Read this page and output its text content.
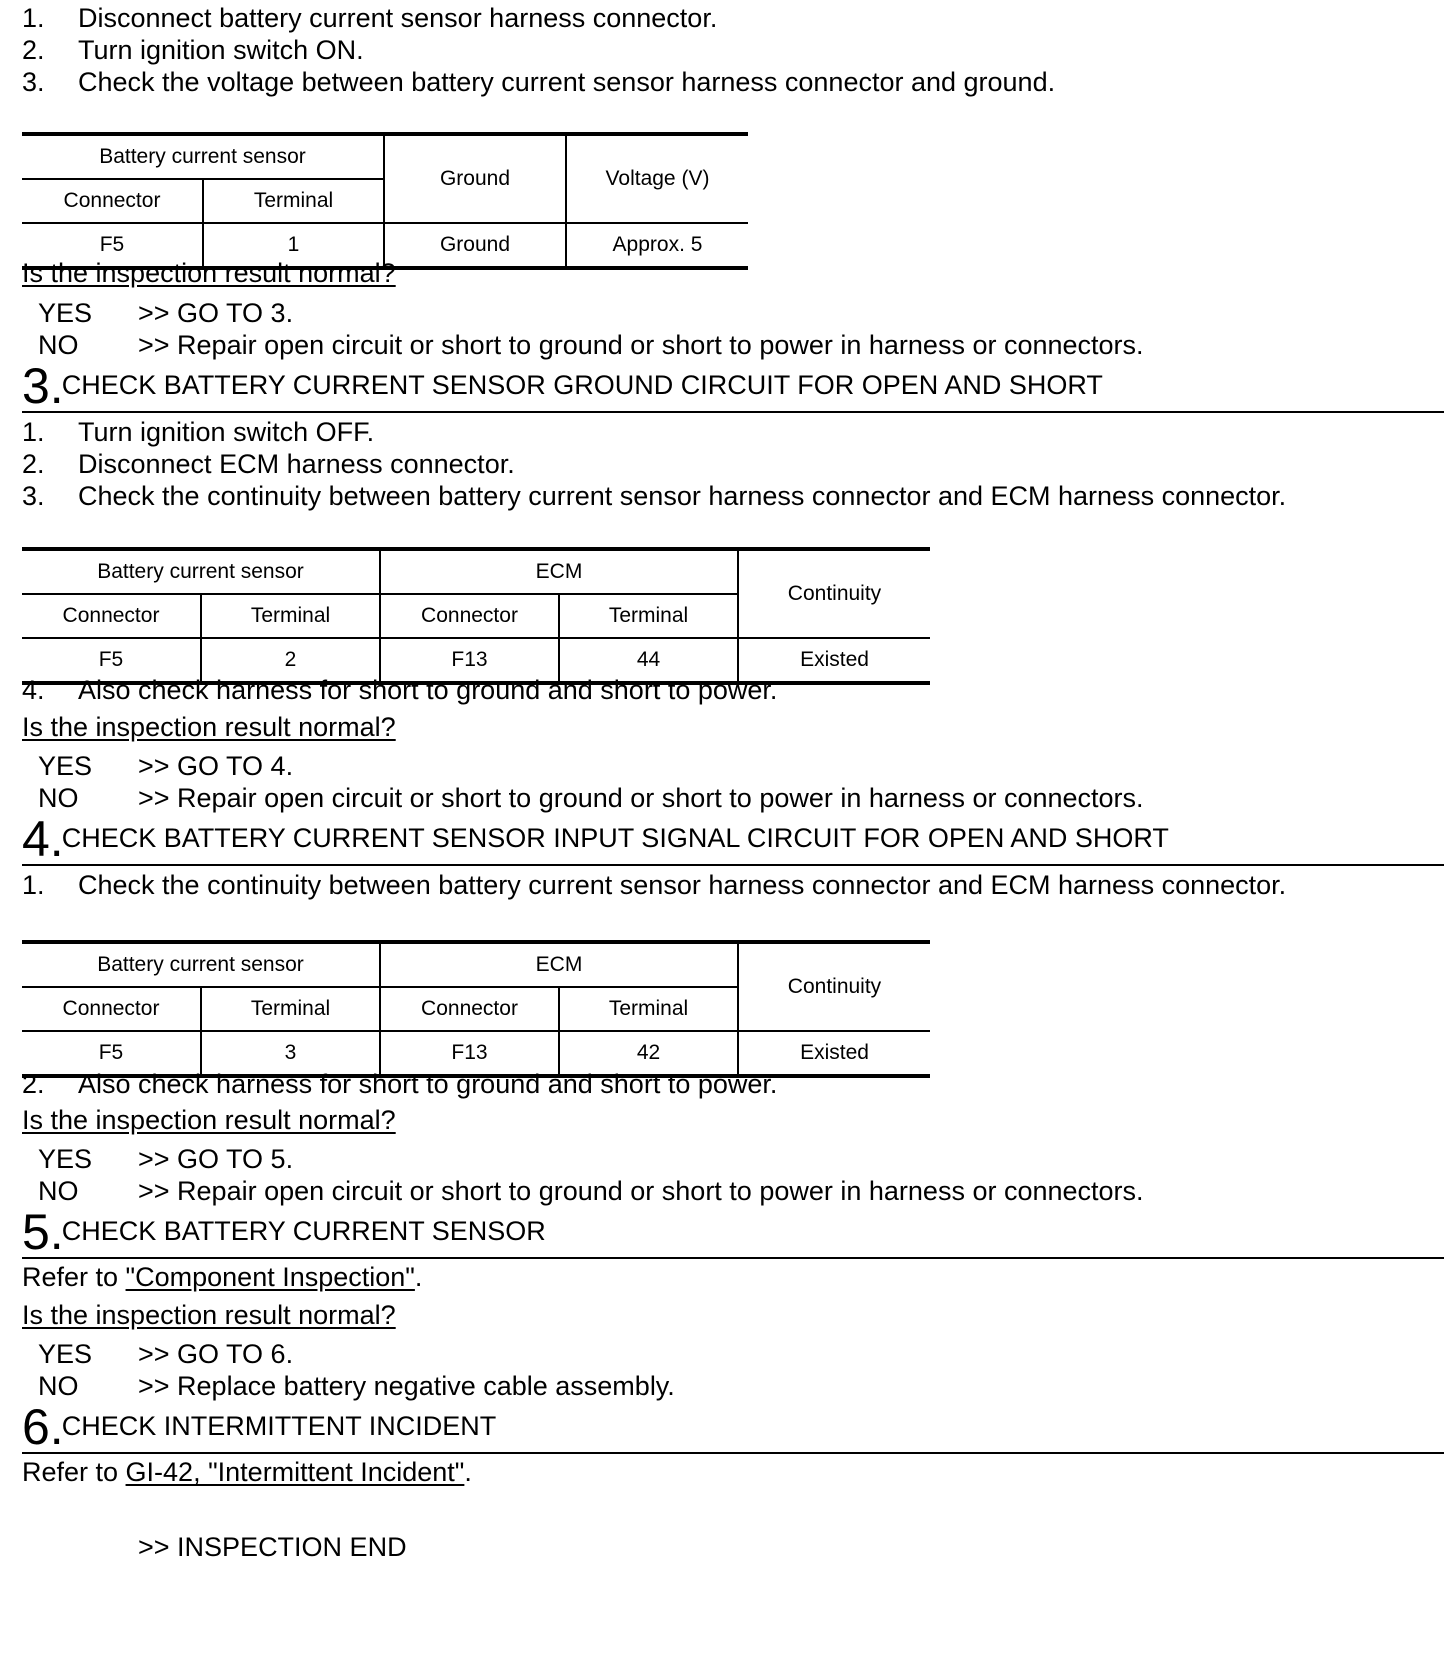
1.	Disconnect battery current sensor harness connector.
2.	Turn ignition switch ON.
3.	Check the voltage between battery current sensor harness connector and ground.
Battery current sensor		Ground	Voltage (V)
Connector	Terminal		
F5	1	Ground	Approx. 5
Is the inspection result normal?
YES	>> GO TO 3.
NO	>> Repair open circuit or short to ground or short to power in harness or connectors.
3.
CHECK BATTERY CURRENT SENSOR GROUND CIRCUIT FOR OPEN AND SHORT
1.	Turn ignition switch OFF.
2.	Disconnect ECM harness connector.
3.	Check the continuity between battery current sensor harness connector and ECM harness connector.
Battery current sensor		ECM		Continuity
Connector	Terminal	Connector	Terminal	
F5	2	F13	44	Existed
4.	Also check harness for short to ground and short to power.
Is the inspection result normal?
YES	>> GO TO 4.
NO	>> Repair open circuit or short to ground or short to power in harness or connectors.
4.
CHECK BATTERY CURRENT SENSOR INPUT SIGNAL CIRCUIT FOR OPEN AND SHORT
1.	Check the continuity between battery current sensor harness connector and ECM harness connector.
Battery current sensor		ECM		Continuity
Connector	Terminal	Connector	Terminal	
F5	3	F13	42	Existed
2.	Also check harness for short to ground and short to power.
Is the inspection result normal?
YES	>> GO TO 5.
NO	>> Repair open circuit or short to ground or short to power in harness or connectors.
5.
CHECK BATTERY CURRENT SENSOR
Refer to "Component Inspection".
Is the inspection result normal?
YES	>> GO TO 6.
NO	>> Replace battery negative cable assembly.
6.
CHECK INTERMITTENT INCIDENT
Refer to GI-42, "Intermittent Incident".
>> INSPECTION END
